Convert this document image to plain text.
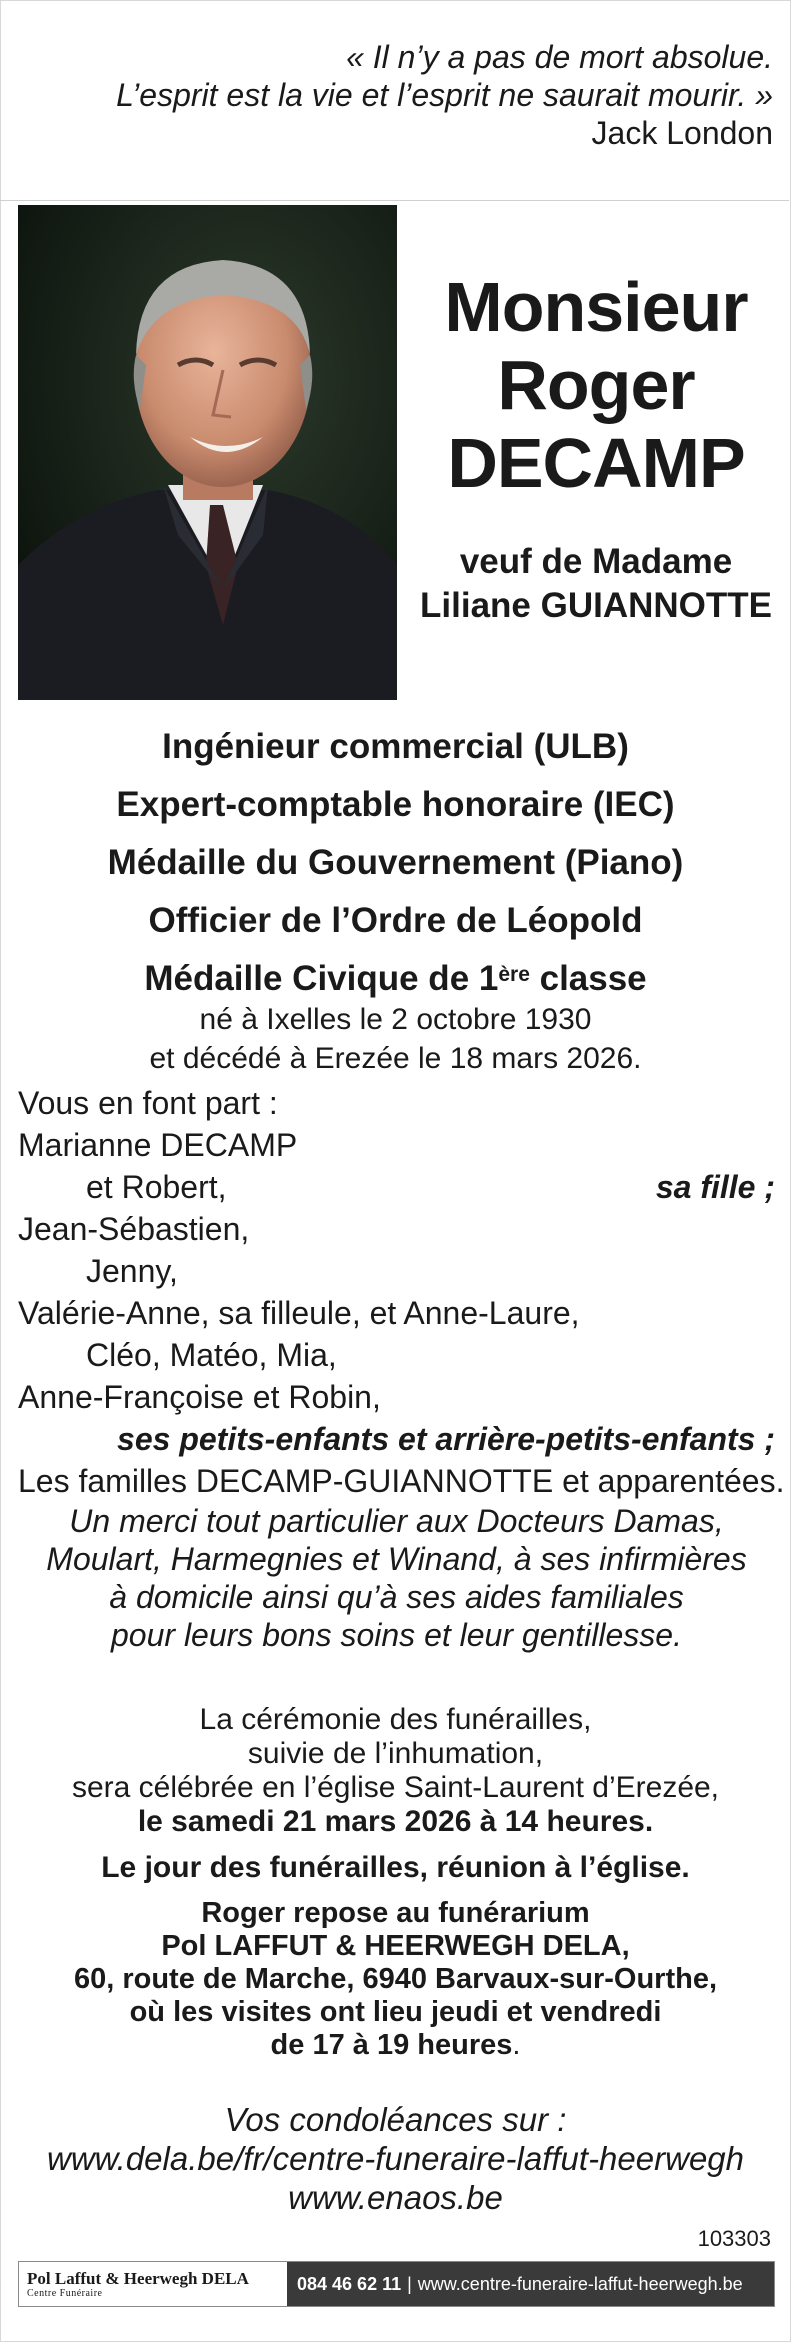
« Il n’y a pas de mort absolue.
L’esprit est la vie et l’esprit ne saurait mourir. »
Jack London
Monsieur
Roger
DECAMP
veuf de Madame
Liliane GUIANNOTTE
Ingénieur commercial (ULB)
Expert-comptable honoraire (IEC)
Médaille du Gouvernement (Piano)
Officier de l’Ordre de Léopold
Médaille Civique de 1ère classe
né à Ixelles le 2 octobre 1930
et décédé à Erezée le 18 mars 2026.
Vous en font part :
Marianne DECAMP
et Robert,	sa fille ;
Jean-Sébastien,
Jenny,
Valérie-Anne, sa filleule, et Anne-Laure,
Cléo, Matéo, Mia,
Anne-Françoise et Robin,
ses petits-enfants et arrière-petits-enfants ;
Les familles DECAMP-GUIANNOTTE et apparentées.
Un merci tout particulier aux Docteurs Damas,
Moulart, Harmegnies et Winand, à ses infirmières
à domicile ainsi qu’à ses aides familiales
pour leurs bons soins et leur gentillesse.
La cérémonie des funérailles,
suivie de l’inhumation,
sera célébrée en l’église Saint-Laurent d’Erezée,
le samedi 21 mars 2026 à 14 heures.
Le jour des funérailles, réunion à l’église.
Roger repose au funérarium
Pol LAFFUT & HEERWEGH DELA,
60, route de Marche, 6940 Barvaux-sur-Ourthe,
où les visites ont lieu jeudi et vendredi
de 17 à 19 heures.
Vos condoléances sur :
www.dela.be/fr/centre-funeraire-laffut-heerwegh
www.enaos.be
103303
Pol Laffut & Heerwegh DELA
Centre Funéraire	084 46 62 11 | www.centre-funeraire-laffut-heerwegh.be
